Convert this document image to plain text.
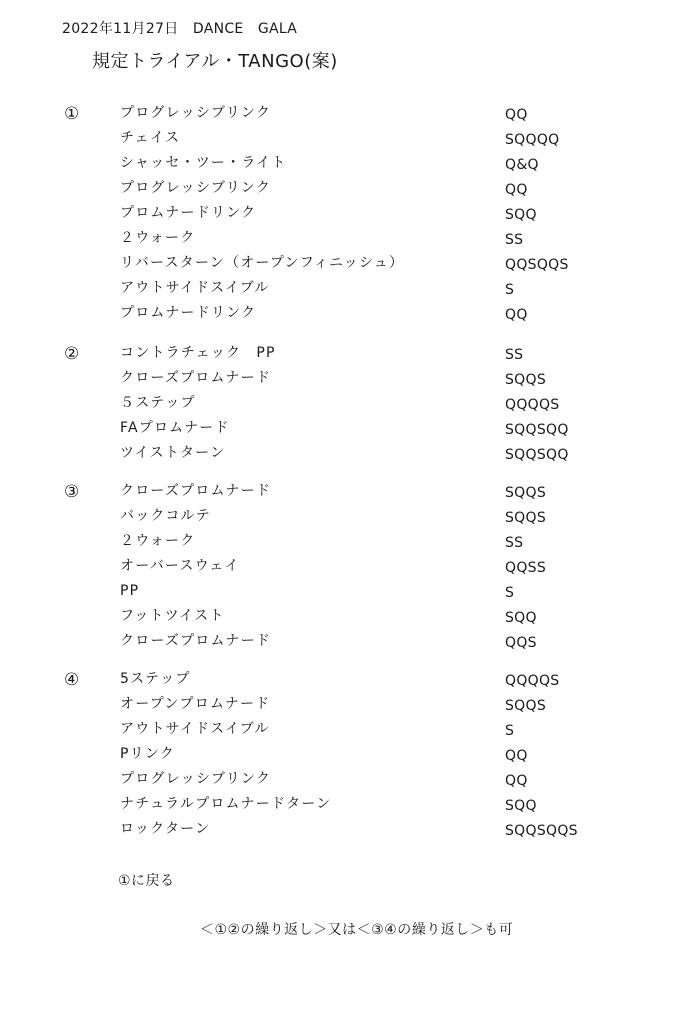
2022年11月27日　DANCE　GALA
規定トライアル・TANGO(案)
①	プログレッシブリンク	QQ
チェイス	SQQQQ
シャッセ・ツー・ライト	Q&Q
プログレッシブリンク	QQ
プロムナードリンク	SQQ
２ウォーク	SS
リバースターン（オープンフィニッシュ）	QQSQQS
アウトサイドスイブル	S
プロムナードリンク	QQ
②	コントラチェック　PP	SS
クローズプロムナード	SQQS
５ステップ	QQQQS
FAプロムナード	SQQSQQ
ツイストターン	SQQSQQ
③	クローズプロムナード	SQQS
バックコルテ	SQQS
２ウォーク	SS
オーバースウェイ	QQSS
PP	S
フットツイスト	SQQ
クローズプロムナード	QQS
④	5ステップ	QQQQS
オープンプロムナード	SQQS
アウトサイドスイブル	S
Pリンク	QQ
プログレッシブリンク	QQ
ナチュラルプロムナードターン	SQQ
ロックターン	SQQSQQS
①に戻る
＜①②の繰り返し＞又は＜③④の繰り返し＞も可
